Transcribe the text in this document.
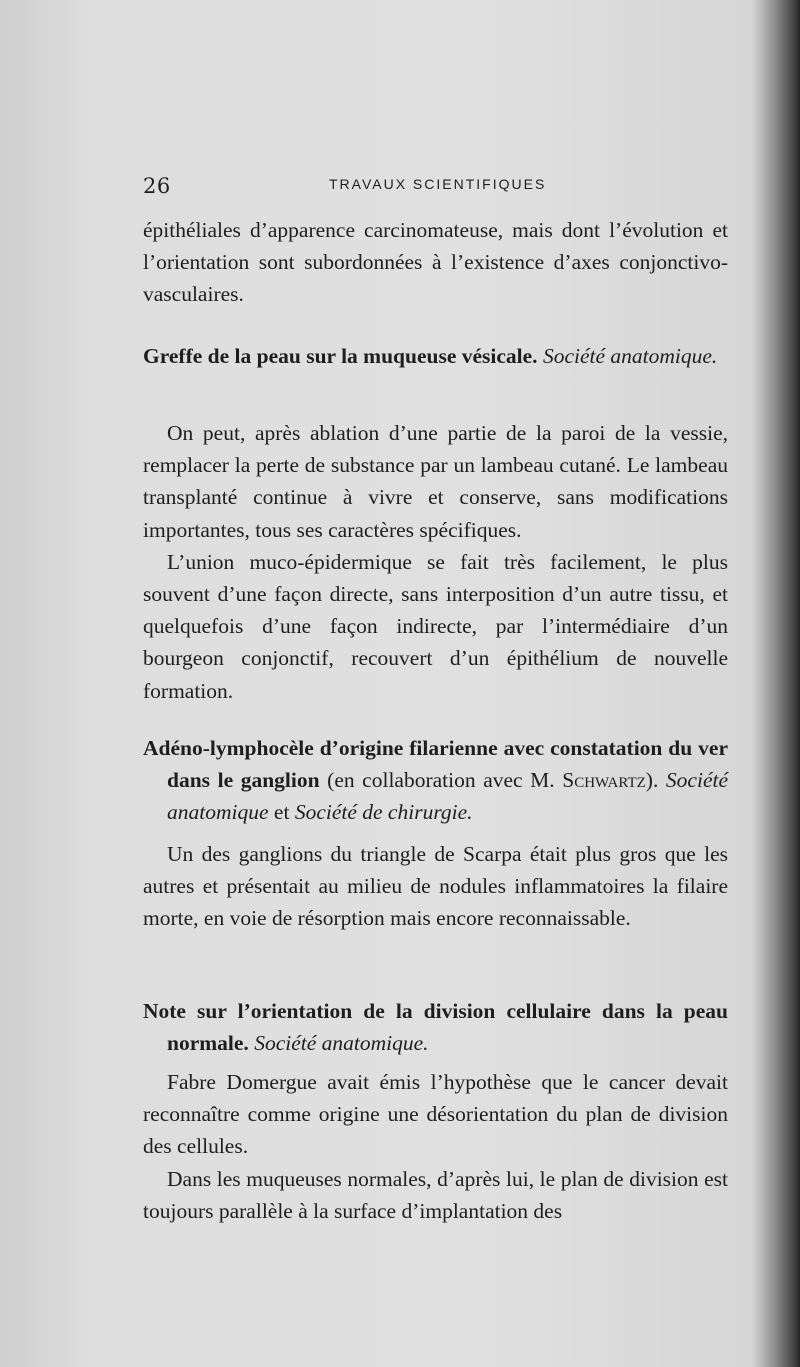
26	TRAVAUX SCIENTIFIQUES

épithéliales d’apparence carcinomateuse, mais dont l’évolution et l’orientation sont subordonnées à l’existence d’axes conjonctivo-vasculaires.

Greffe de la peau sur la muqueuse vésicale. Société anatomique.

On peut, après ablation d’une partie de la paroi de la vessie, remplacer la perte de substance par un lambeau cutané. Le lambeau transplanté continue à vivre et conserve, sans modifications importantes, tous ses caractères spécifiques.

L’union muco-épidermique se fait très facilement, le plus souvent d’une façon directe, sans interposition d’un autre tissu, et quelquefois d’une façon indirecte, par l’intermédiaire d’un bourgeon conjonctif, recouvert d’un épithélium de nouvelle formation.

Adéno-lymphocèle d’origine filarienne avec constatation du ver dans le ganglion (en collaboration avec M. Schwartz). Société anatomique et Société de chirurgie.

Un des ganglions du triangle de Scarpa était plus gros que les autres et présentait au milieu de nodules inflammatoires la filaire morte, en voie de résorption mais encore reconnaissable.

Note sur l’orientation de la division cellulaire dans la peau normale. Société anatomique.

Fabre Domergue avait émis l’hypothèse que le cancer devait reconnaître comme origine une désorientation du plan de division des cellules.

Dans les muqueuses normales, d’après lui, le plan de division est toujours parallèle à la surface d’implantation des
